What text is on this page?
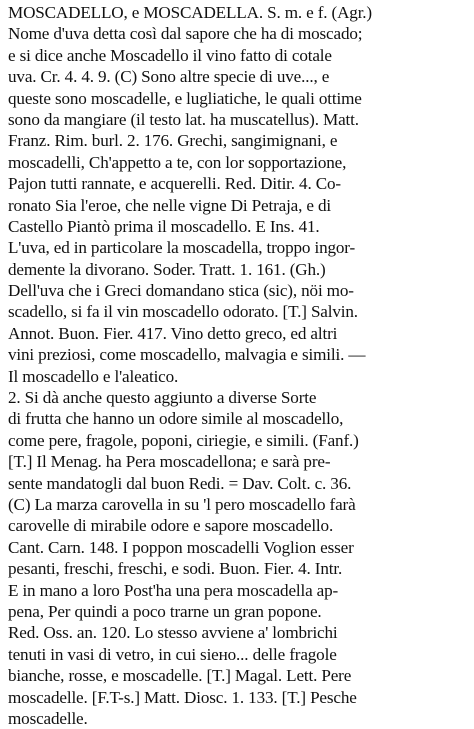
MOSCADELLO, e MOSCADELLA. S. m. e f. (Agr.)
Nome d'uva detta così dal sapore che ha di moscado;
e si dice anche Moscadello il vino fatto di cotale
uva. Cr. 4. 4. 9. (C) Sono altre specie di uve..., e
queste sono moscadelle, e lugliatiche, le quali ottime
sono da mangiare (il testo lat. ha muscatellus). Matt.
Franz. Rim. burl. 2. 176. Grechi, sangimignani, e
moscadelli, Ch'appetto a te, con lor sopportazione,
Pajon tutti rannate, e acquerelli. Red. Ditir. 4. Co-
ronato Sia l'eroe, che nelle vigne Di Petraja, e di
Castello Piantò prima il moscadello. E Ins. 41.
L'uva, ed in particolare la moscadella, troppo ingor-
dementе la divorano. Soder. Tratt. 1. 161. (Gh.)
Dell'uva che i Greci domandano stica (sic), nöi mo-
scadello, si fa il vin moscadello odorato. [T.] Salvin.
Annot. Buon. Fier. 417. Vino detto greco, ed altri
vini preziosi, come moscadello, malvagia e simili. —
Il moscadello e l'aleatico.
2. Si dà anche questo aggiunto a diverse Sorte
di frutta che hanno un odore simile al moscadello,
come pere, fragole, poponi, ciriegie, e simili. (Fanf.)
[T.] Il Menag. ha Pera moscadellona; e sarà pre-
sente mandatogli dal buon Redi. = Dav. Colt. c. 36.
(C) La marza carovella in su 'l pero moscadello farà
carovelle di mirabile odore e sapore moscadello.
Cant. Carn. 148. I poppon moscadelli Voglion esser
pesanti, freschi, freschi, e sodi. Buon. Fier. 4. Intr.
E in mano a loro Post'ha una pera moscadella ap-
pena, Per quindi a poco trarne un gran popone.
Red. Oss. an. 120. Lo stesso avviene a' lombrichi
tenuti in vasi di vetro, in cui siено... delle fragole
bianche, rosse, e moscadelle. [T.] Magal. Lett. Pere
moscadelle. [F.T-s.] Matt. Diosc. 1. 133. [T.] Pesche
moscadelle.
